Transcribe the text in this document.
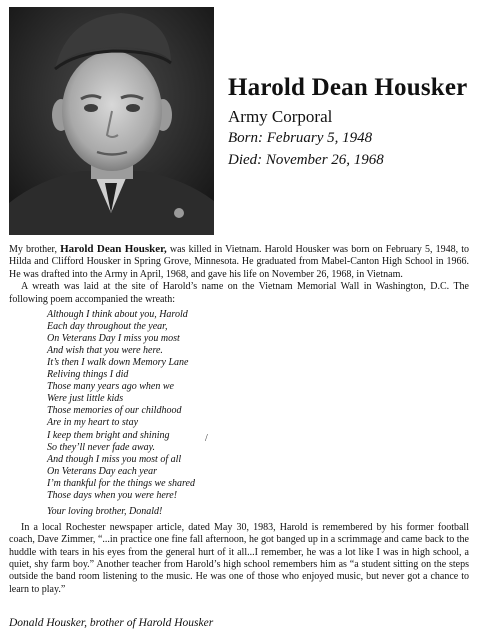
Harold Dean Housker
Army Corporal
Born: February 5, 1948
Died: November 26, 1968

My brother, Harold Dean Housker, was killed in Vietnam. Harold Housker was born on February 5, 1948, to Hilda and Clifford Housker in Spring Grove, Minnesota. He graduated from Mabel-Canton High School in 1966. He was drafted into the Army in April, 1968, and gave his life on November 26, 1968, in Vietnam.

A wreath was laid at the site of Harold’s name on the Vietnam Memorial Wall in Washington, D.C. The following poem accompanied the wreath:

Although I think about you, Harold
Each day throughout the year,
On Veterans Day I miss you most
And wish that you were here.
It’s then I walk down Memory Lane
Reliving things I did
Those many years ago when we
Were just little kids
Those memories of our childhood
Are in my heart to stay
I keep them bright and shining
So they’ll never fade away.
And though I miss you most of all
On Veterans Day each year
I’m thankful for the things we shared
Those days when you were here!
Your loving brother, Donald!

In a local Rochester newspaper article, dated May 30, 1983, Harold is remembered by his former football coach, Dave Zimmer, “...in practice one fine fall afternoon, he got banged up in a scrimmage and came back to the huddle with tears in his eyes from the general hurt of it all...I remember, he was a lot like I was in high school, a quiet, shy farm boy.” Another teacher from Harold’s high school remembers him as “a student sitting on the steps outside the band room listening to the music. He was one of those who enjoyed music, but never got a chance to learn to play.”

/
Donald Housker, brother of Harold Housker
